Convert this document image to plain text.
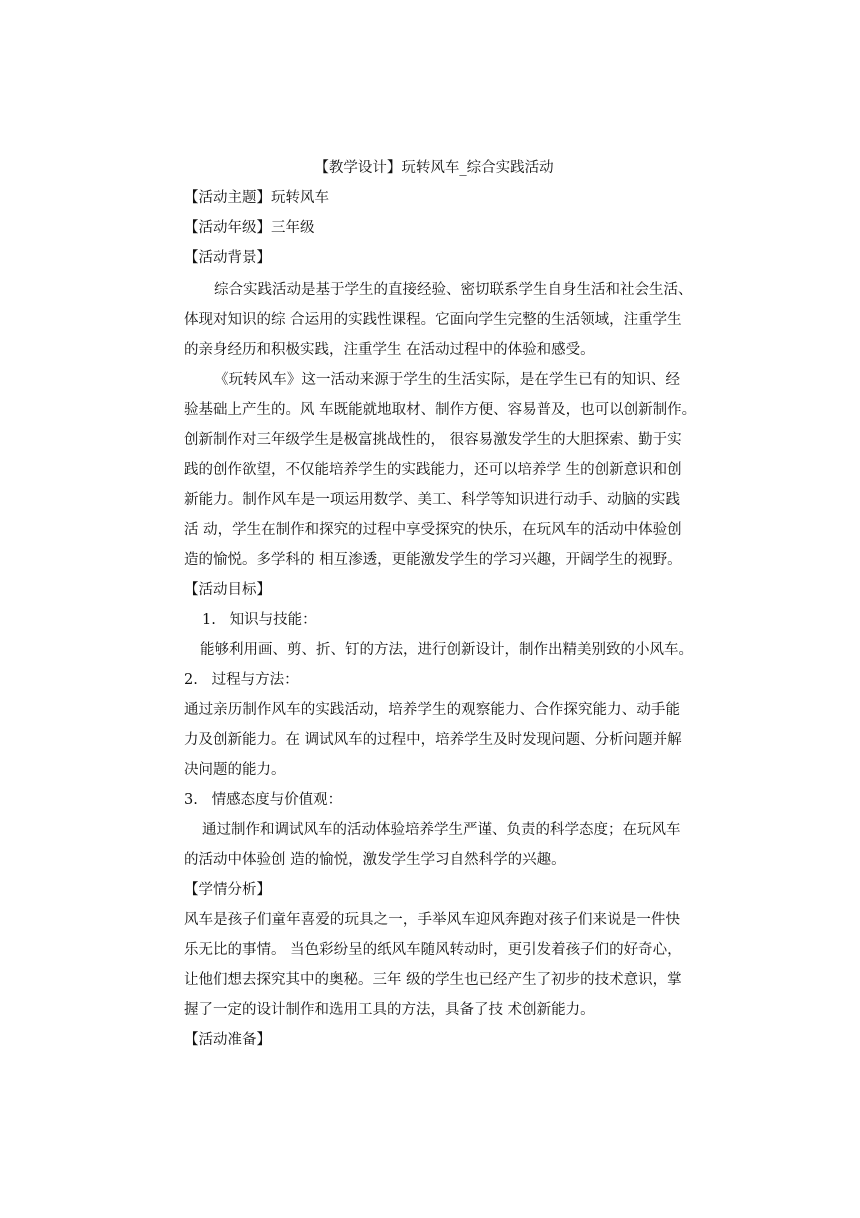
【教学设计】玩转风车_综合实践活动
【活动主题】玩转风车
【活动年级】三年级
【活动背景】
综合实践活动是基于学生的直接经验、密切联系学生自身生活和社会生活、
体现对知识的综 合运用的实践性课程。它面向学生完整的生活领域，注重学生
的亲身经历和积极实践，注重学生 在活动过程中的体验和感受。
《玩转风车》这一活动来源于学生的生活实际，是在学生已有的知识、经
验基础上产生的。风 车既能就地取材、制作方便、容易普及，也可以创新制作。
创新制作对三年级学生是极富挑战性的， 很容易激发学生的大胆探索、勤于实
践的创作欲望，不仅能培养学生的实践能力，还可以培养学 生的创新意识和创
新能力。制作风车是一项运用数学、美工、科学等知识进行动手、动脑的实践
活 动，学生在制作和探究的过程中享受探究的快乐，在玩风车的活动中体验创
造的愉悦。多学科的 相互渗透，更能激发学生的学习兴趣，开阔学生的视野。
【活动目标】
1.   知识与技能：
能够利用画、剪、折、钉的方法，进行创新设计，制作出精美别致的小风车。
2.   过程与方法：
通过亲历制作风车的实践活动，培养学生的观察能力、合作探究能力、动手能
力及创新能力。在 调试风车的过程中，培养学生及时发现问题、分析问题并解
决问题的能力。
3.   情感态度与价值观：
通过制作和调试风车的活动体验培养学生严谨、负责的科学态度；在玩风车
的活动中体验创 造的愉悦，激发学生学习自然科学的兴趣。
【学情分析】
风车是孩子们童年喜爱的玩具之一，手举风车迎风奔跑对孩子们来说是一件快
乐无比的事情。 当色彩纷呈的纸风车随风转动时，更引发着孩子们的好奇心，
让他们想去探究其中的奥秘。三年 级的学生也已经产生了初步的技术意识，掌
握了一定的设计制作和选用工具的方法，具备了技 术创新能力。
【活动准备】
